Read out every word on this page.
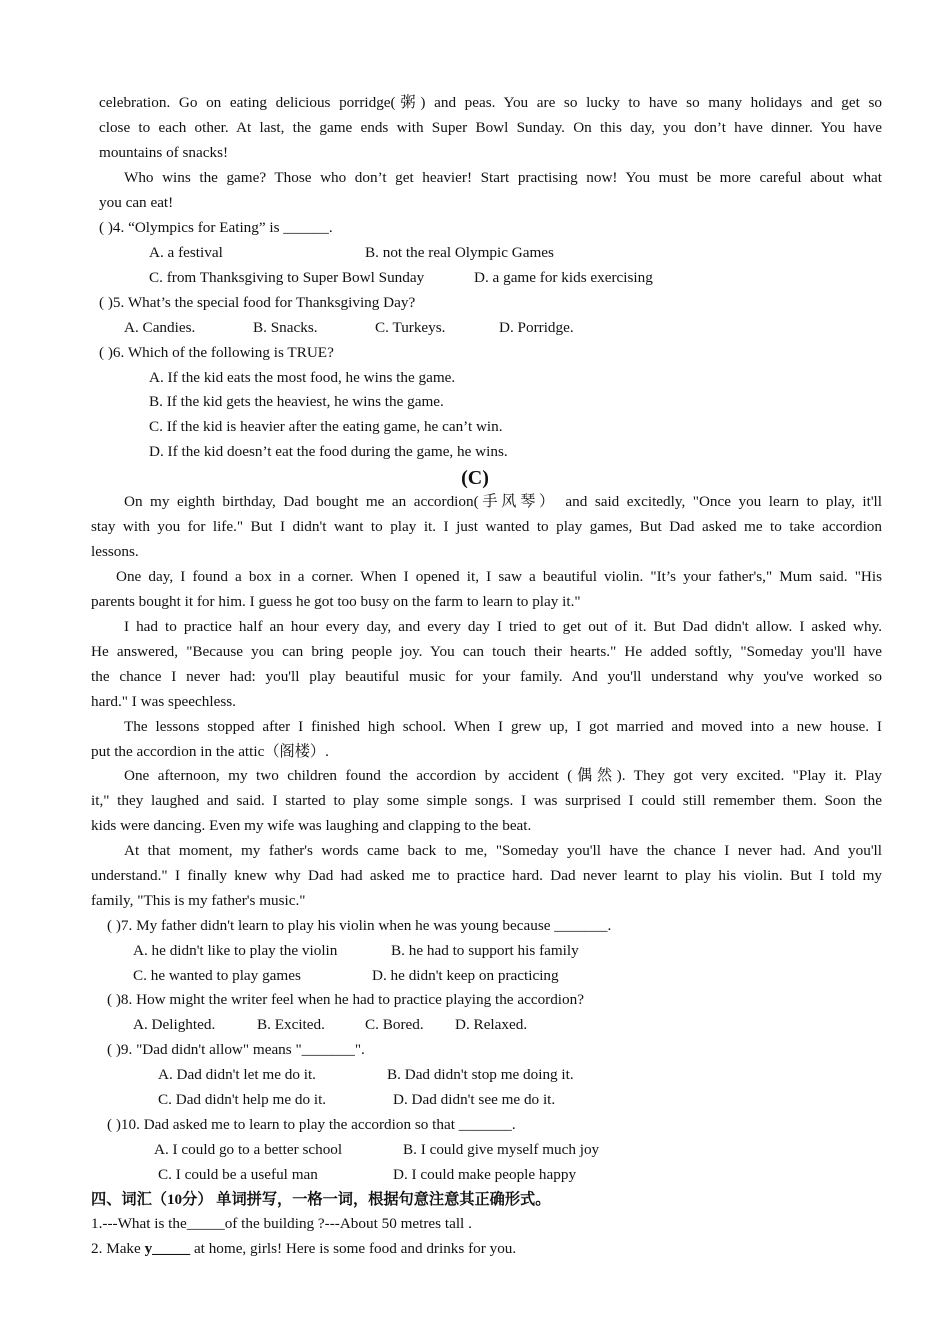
celebration. Go on eating delicious porridge(粥) and peas. You are so lucky to have so many holidays and get so
close to each other. At last, the game ends with Super Bowl Sunday. On this day, you don’t have dinner. You have
mountains of snacks!
Who wins the game? Those who don’t get heavier! Start practising now! You must be more careful about what
you can eat!
( )4. “Olympics for Eating” is ______.
A. a festival	B. not the real Olympic Games
C. from Thanksgiving to Super Bowl Sunday	D. a game for kids exercising
( )5. What’s the special food for Thanksgiving Day?
A. Candies.	B. Snacks.	C. Turkeys.	D. Porridge.
( )6. Which of the following is TRUE?
A. If the kid eats the most food, he wins the game.
B. If the kid gets the heaviest, he wins the game.
C. If the kid is heavier after the eating game, he can’t win.
D. If the kid doesn’t eat the food during the game, he wins.
(C)
On my eighth birthday, Dad bought me an accordion(手风琴） and said excitedly, "Once you learn to play, it'll
stay with you for life." But I didn't want to play it. I just wanted to play games, But Dad asked me to take accordion
lessons.
One day, I found a box in a corner. When I opened it, I saw a beautiful violin. "It’s your father's," Mum said. "His
parents bought it for him. I guess he got too busy on the farm to learn to play it."
I had to practice half an hour every day, and every day I tried to get out of it. But Dad didn't allow. I asked why.
He answered, "Because you can bring people joy. You can touch their hearts." He added softly, "Someday you'll have
the chance I never had: you'll play beautiful music for your family. And you'll understand why you've worked so
hard." I was speechless.
The lessons stopped after I finished high school. When I grew up, I got married and moved into a new house. I
put the accordion in the attic（阁楼）.
One afternoon, my two children found the accordion by accident (偶然). They got very excited. "Play it. Play
it," they laughed and said. I started to play some simple songs. I was surprised I could still remember them. Soon the
kids were dancing. Even my wife was laughing and clapping to the beat.
At that moment, my father's words came back to me, "Someday you'll have the chance I never had. And you'll
understand." I finally knew why Dad had asked me to practice hard. Dad never learnt to play his violin. But I told my
family, "This is my father's music."
( )7. My father didn't learn to play his violin when he was young because _______.
A. he didn't like to play the violin	B. he had to support his family
C. he wanted to play games	D. he didn't keep on practicing
( )8. How might the writer feel when he had to practice playing the accordion?
A. Delighted.	B. Excited.	C. Bored. D. Relaxed.
( )9. "Dad didn't allow" means "_______".
A. Dad didn't let me do it.	B. Dad didn't stop me doing it.
C. Dad didn't help me do it.	D. Dad didn't see me do it.
( )10. Dad asked me to learn to play the accordion so that _______.
A. I could go to a better school	B. I could give myself much joy
C. I could be a useful man	D. I could make people happy
四、词汇（10分） 单词拼写，一格一词，根据句意注意其正确形式。
1.---What is the_____of the building ?---About 50 metres tall .
2. Make y_____ at home, girls! Here is some food and drinks for you.
